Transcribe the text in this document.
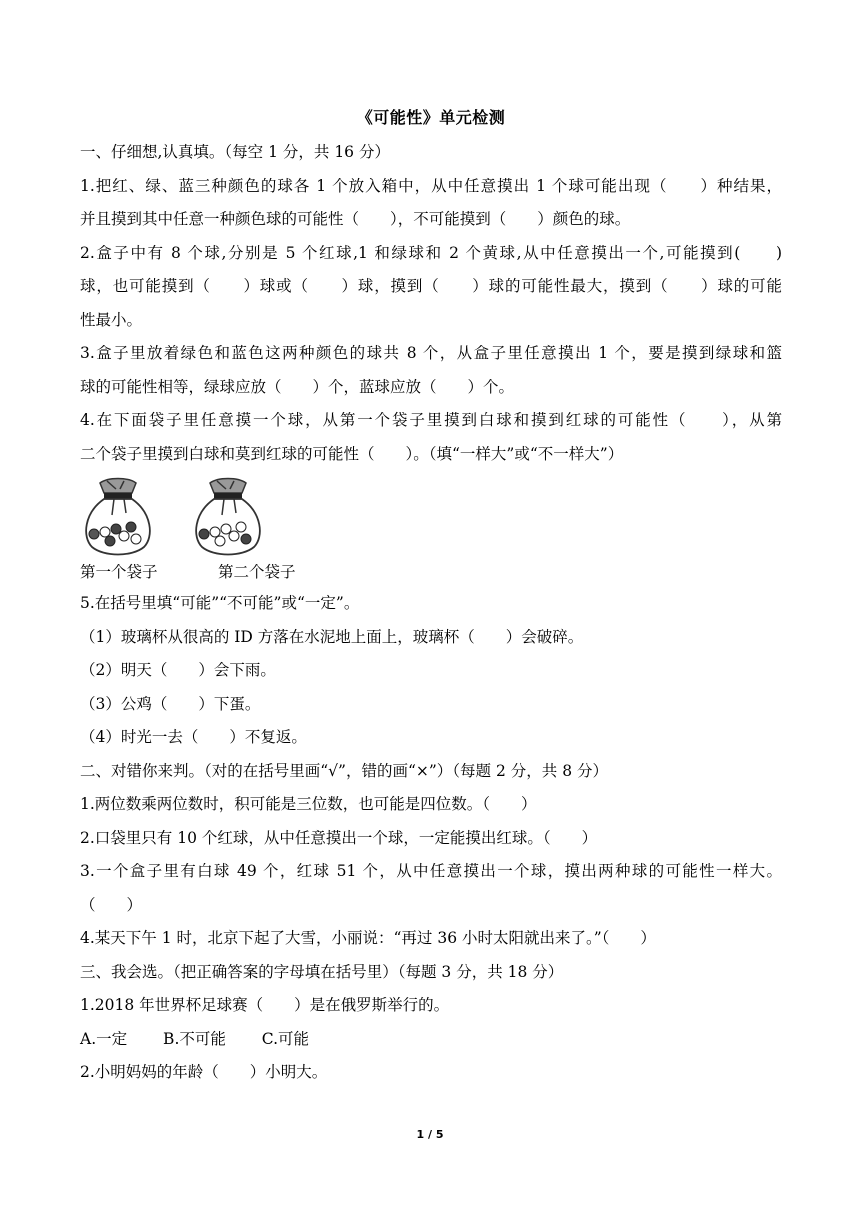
《可能性》单元检测
一、仔细想,认真填。（每空 1 分，共 16 分）
1.把红、绿、蓝三种颜色的球各 1 个放入箱中，从中任意摸出 1 个球可能出现（　　）种结果，
并且摸到其中任意一种颜色球的可能性（　　），不可能摸到（　　）颜色的球。
2.盒子中有 8 个球,分别是 5 个红球,1 和绿球和 2 个黄球,从中任意摸出一个,可能摸到(　　)
球，也可能摸到（　　）球或（　　）球，摸到（　　）球的可能性最大，摸到（　　）球的可能
性最小。
3.盒子里放着绿色和蓝色这两种颜色的球共 8 个，从盒子里任意摸出 1 个，要是摸到绿球和篮
球的可能性相等，绿球应放（　　）个，蓝球应放（　　）个。
4.在下面袋子里任意摸一个球，从第一个袋子里摸到白球和摸到红球的可能性（　　），从第
二个袋子里摸到白球和莫到红球的可能性（　　）。（填“一样大”或“不一样大”）
第一个袋子	第二个袋子
5.在括号里填“可能”“不可能”或“一定”。
（1）玻璃杯从很高的 ID 方落在水泥地上面上，玻璃杯（　　）会破碎。
（2）明天（　　）会下雨。
（3）公鸡（　　）下蛋。
（4）时光一去（　　）不复返。
二、对错你来判。（对的在括号里画“√”，错的画“×”）（每题 2 分，共 8 分）
1.两位数乘两位数时，积可能是三位数，也可能是四位数。（　　）
2.口袋里只有 10 个红球，从中任意摸出一个球，一定能摸出红球。（　　）
3.一个盒子里有白球 49 个，红球 51 个，从中任意摸出一个球，摸出两种球的可能性一样大。
（　　）
4.某天下午 1 时，北京下起了大雪，小丽说：“再过 36 小时太阳就出来了。”（　　）
三、我会选。（把正确答案的字母填在括号里）（每题 3 分，共 18 分）
1.2018 年世界杯足球赛（　　）是在俄罗斯举行的。
A.一定　　 B.不可能　　 C.可能
2.小明妈妈的年龄（　　）小明大。
1 / 5
